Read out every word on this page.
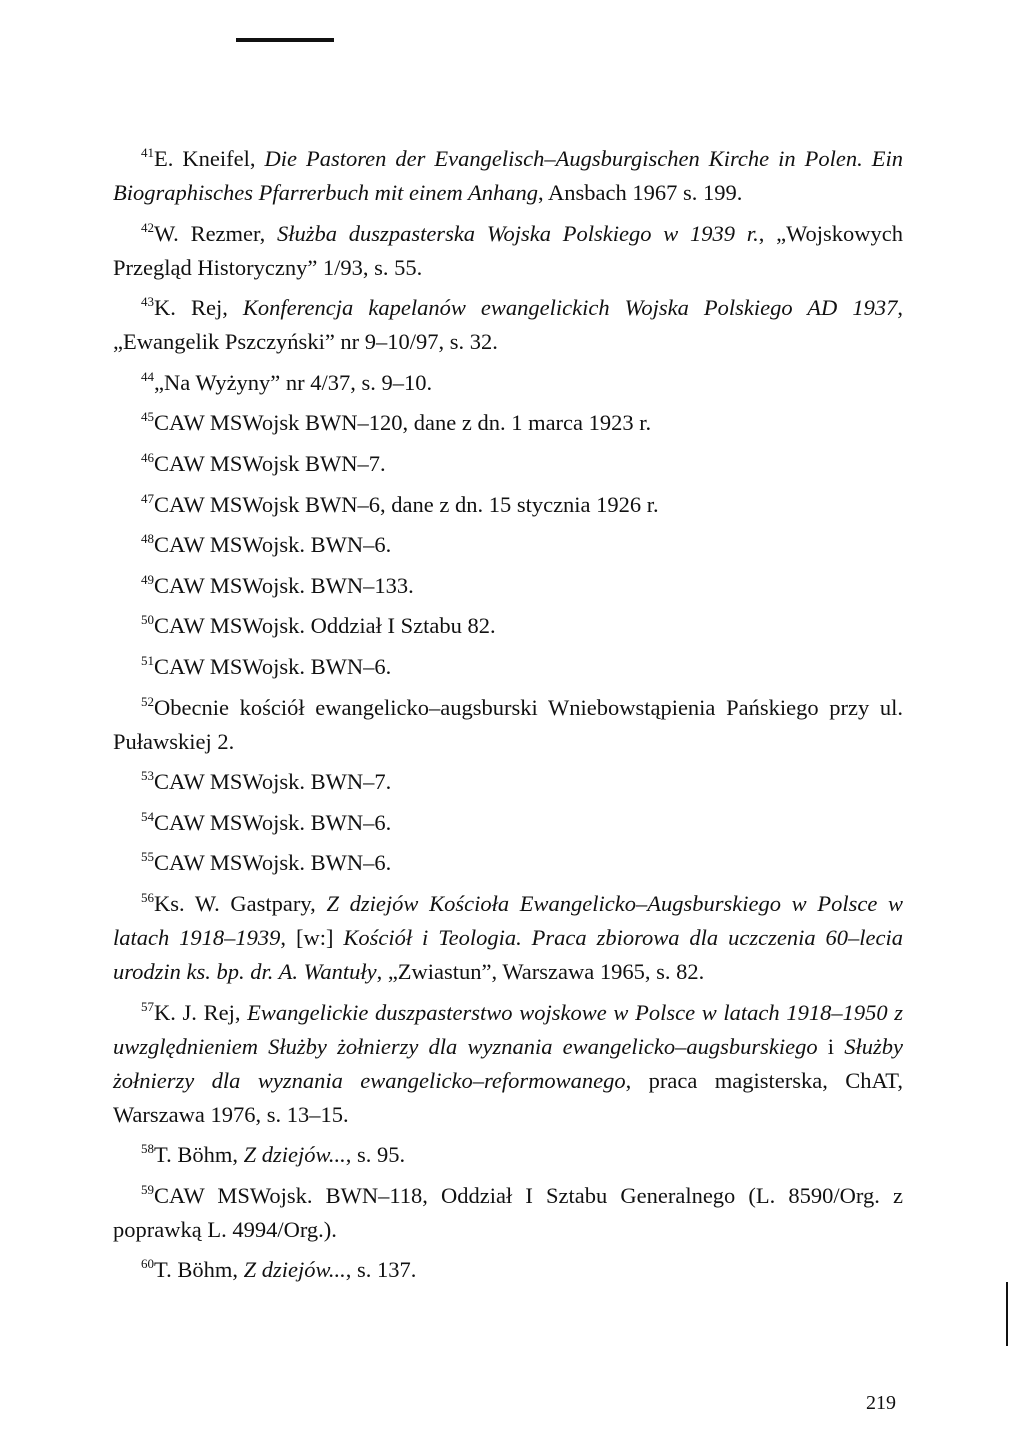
$^{41}$E. Kneifel, Die Pastoren der Evangelisch–Augsburgischen Kirche in Polen. Ein Biographisches Pfarrerbuch mit einem Anhang, Ansbach 1967 s. 199.

$^{42}$W. Rezmer, Służba duszpasterska Wojska Polskiego w 1939 r., „Wojskowych Przegląd Historyczny” 1/93, s. 55.

$^{43}$K. Rej, Konferencja kapelanów ewangelickich Wojska Polskiego AD 1937, „Ewangelik Pszczyński” nr 9–10/97, s. 32.

$^{44}$„Na Wyżyny” nr 4/37, s. 9–10.

$^{45}$CAW MSWojsk BWN–120, dane z dn. 1 marca 1923 r.

$^{46}$CAW MSWojsk BWN–7.

$^{47}$CAW MSWojsk BWN–6, dane z dn. 15 stycznia 1926 r.

$^{48}$CAW MSWojsk. BWN–6.

$^{49}$CAW MSWojsk. BWN–133.

$^{50}$CAW MSWojsk. Oddział I Sztabu 82.

$^{51}$CAW MSWojsk. BWN–6.

$^{52}$Obecnie kościół ewangelicko–augsburski Wniebowstąpienia Pańskiego przy ul. Puławskiej 2.

$^{53}$CAW MSWojsk. BWN–7.

$^{54}$CAW MSWojsk. BWN–6.

$^{55}$CAW MSWojsk. BWN–6.

$^{56}$Ks. W. Gastpary, Z dziejów Kościoła Ewangelicko–Augsburskiego w Polsce w latach 1918–1939, [w:] Kościół i Teologia. Praca zbiorowa dla uczczenia 60–lecia urodzin ks. bp. dr. A. Wantuły, „Zwiastun”, Warszawa 1965, s. 82.

$^{57}$K. J. Rej, Ewangelickie duszpasterstwo wojskowe w Polsce w latach 1918–1950 z uwzględnieniem Służby żołnierzy dla wyznania ewangelicko–augsburskiego i Służby żołnierzy dla wyznania ewangelicko–reformowanego, praca magisterska, ChAT, Warszawa 1976, s. 13–15.

$^{58}$T. Böhm, Z dziejów..., s. 95.

$^{59}$CAW MSWojsk. BWN–118, Oddział I Sztabu Generalnego (L. 8590/Org. z poprawką L. 4994/Org.).

$^{60}$T. Böhm, Z dziejów..., s. 137.

219
